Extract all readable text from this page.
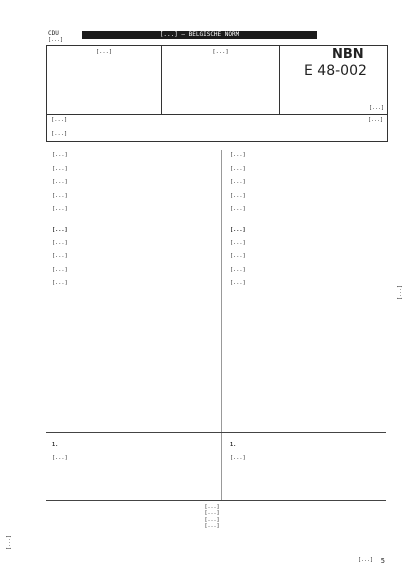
[...]
[...]
CDU
[...]
[...] — BELGISCHE NORM
[...]	[...]	NBN
E 48-002
[...]
[...]	[...]
[...]

[...]

[...]

[...]

[...]

[...]

[...]

[...]

[...]

[...]

[...]

[...]

[...]

[...]

[...]

[...]

[...]

[...]

[...]

[...]

[...]

1.

[...]

1.

[...]

[...]
[...]
[...]
[...]
[...] 5
